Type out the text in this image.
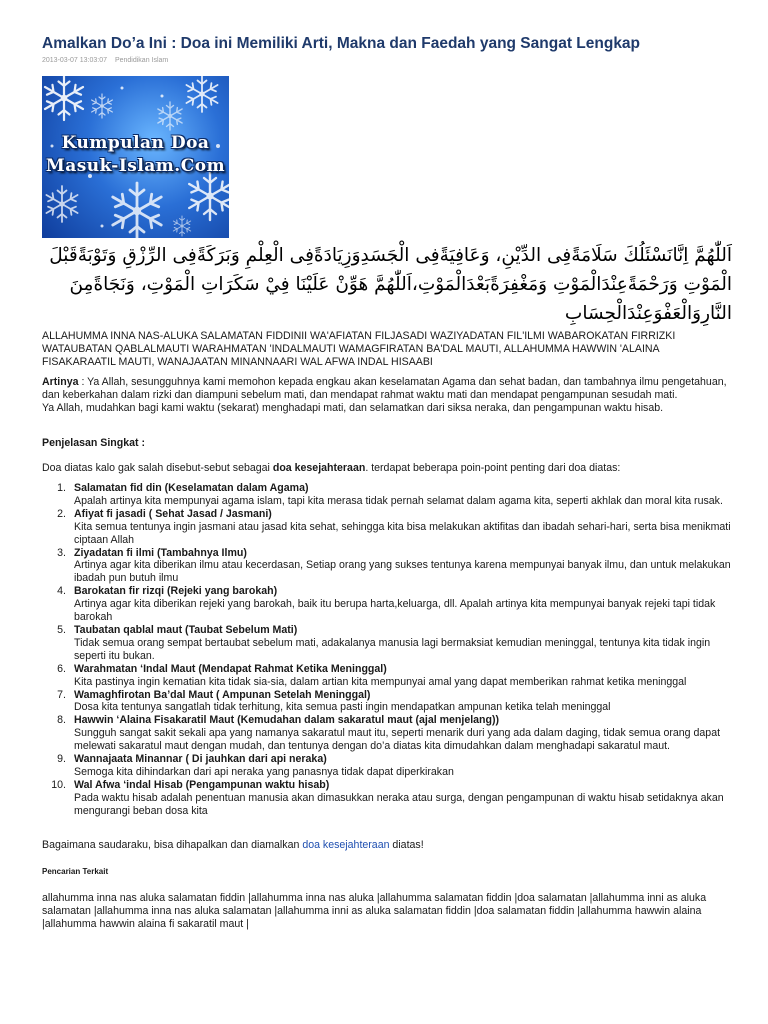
Amalkan Do’a Ini : Doa ini Memiliki Arti, Makna dan Faedah yang Sangat Lengkap
2013-03-07 13:03:07 Pendidikan Islam
Kumpulan Doa
Masuk-Islam.Com

اَللّٰهُمَّ اِنَّانَسْئَلُكَ سَلَامَةًفِى الدِّيْنِ، وَعَافِيَةًفِى الْجَسَدِوَزِيَادَةًفِى الْعِلْمِ وَبَرَكَةًفِى الرِّزْقِ وَتَوْبَةًقَبْلَ الْمَوْتِ وَرَحْمَةًعِنْدَالْمَوْتِ وَمَغْفِرَةًبَعْدَالْمَوْتِ،اَللّٰهُمَّ هَوِّنْ عَلَيْنَا فِيْ سَكَرَاتِ الْمَوْتِ، وَنَجَاةًمِنَ النَّارِوَالْعَفْوَعِنْدَالْحِسَابِ

ALLAHUMMA INNA NAS-ALUKA SALAMATAN FIDDINII WA'AFIATAN FILJASADI WAZIYADATAN FIL'ILMI WABAROKATAN FIRRIZKI WATAUBATAN QABLALMAUTI WARAHMATAN 'INDALMAUTI WAMAGFIRATAN BA'DAL MAUTI, ALLAHUMMA HAWWIN 'ALAINA FISAKARAATIL MAUTI, WANAJAATAN MINANNAARI WAL AFWA INDAL HISAABI

Artinya : Ya Allah, sesungguhnya kami memohon kepada engkau akan keselamatan Agama dan sehat badan, dan tambahnya ilmu pengetahuan, dan keberkahan dalam rizki dan diampuni sebelum mati, dan mendapat rahmat waktu mati dan mendapat pengampunan sesudah mati.
Ya Allah, mudahkan bagi kami waktu (sekarat) menghadapi mati, dan selamatkan dari siksa neraka, dan pengampunan waktu hisab.

Penjelasan Singkat :

Doa diatas kalo gak salah disebut-sebut sebagai doa kesejahteraan. terdapat beberapa poin-point penting dari doa diatas:

1. Salamatan fid din (Keselamatan dalam Agama)
Apalah artinya kita mempunyai agama islam, tapi kita merasa tidak pernah selamat dalam agama kita, seperti akhlak dan moral kita rusak.
2. Afiyat fi jasadi ( Sehat Jasad / Jasmani)
Kita semua tentunya ingin jasmani atau jasad kita sehat, sehingga kita bisa melakukan aktifitas dan ibadah sehari-hari, serta bisa menikmati ciptaan Allah
3. Ziyadatan fi ilmi (Tambahnya Ilmu)
Artinya agar kita diberikan ilmu atau kecerdasan, Setiap orang yang sukses tentunya karena mempunyai banyak ilmu, dan untuk melakukan ibadah pun butuh ilmu
4. Barokatan fir rizqi (Rejeki yang barokah)
Artinya agar kita diberikan rejeki yang barokah, baik itu berupa harta,keluarga, dll. Apalah artinya kita mempunyai banyak rejeki tapi tidak barokah
5. Taubatan qablal maut (Taubat Sebelum Mati)
Tidak semua orang sempat bertaubat sebelum mati, adakalanya manusia lagi bermaksiat kemudian meninggal, tentunya kita tidak ingin seperti itu bukan.
6. Warahmatan ‘Indal Maut (Mendapat Rahmat Ketika Meninggal)
Kita pastinya ingin kematian kita tidak sia-sia, dalam artian kita mempunyai amal yang dapat memberikan rahmat ketika meninggal
7. Wamaghfirotan Ba’dal Maut ( Ampunan Setelah Meninggal)
Dosa kita tentunya sangatlah tidak terhitung, kita semua pasti ingin mendapatkan ampunan ketika telah meninggal
8. Hawwin ‘Alaina Fisakaratil Maut (Kemudahan dalam sakaratul maut (ajal menjelang))
Sungguh sangat sakit sekali apa yang namanya sakaratul maut itu, seperti menarik duri yang ada dalam daging, tidak semua orang dapat melewati sakaratul maut dengan mudah, dan tentunya dengan do’a diatas kita dimudahkan dalam menghadapi sakaratul maut.
9. Wannajaata Minannar ( Di jauhkan dari api neraka)
Semoga kita dihindarkan dari api neraka yang panasnya tidak dapat diperkirakan
10. Wal Afwa ‘indal Hisab (Pengampunan waktu hisab)
Pada waktu hisab adalah penentuan manusia akan dimasukkan neraka atau surga, dengan pengampunan di waktu hisab setidaknya akan mengurangi beban dosa kita

Bagaimana saudaraku, bisa dihapalkan dan diamalkan doa kesejahteraan diatas!

Pencarian Terkait

allahumma inna nas aluka salamatan fiddin |allahumma inna nas aluka |allahumma salamatan fiddin |doa salamatan |allahumma inni as aluka salamatan |allahumma inna nas aluka salamatan |allahumma inni as aluka salamatan fiddin |doa salamatan fiddin |allahumma hawwin alaina |allahumma hawwin alaina fi sakaratil maut |
